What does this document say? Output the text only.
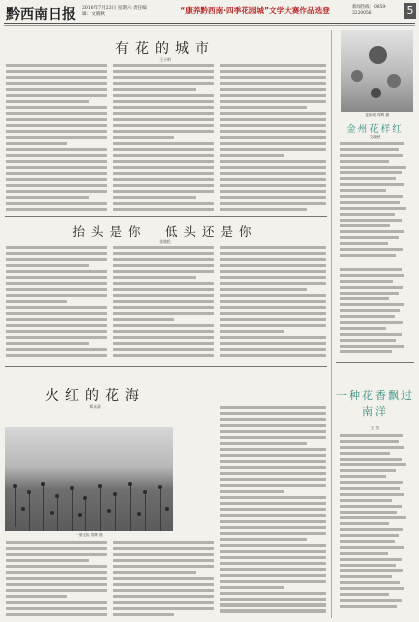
黔西南日报	2016年7月23日 星期六 责任编辑：文晓秋	“康养黔西南·四季花园城”文学大赛作品选登	新闻热线：0859-3220056	5
有花的城市
王小明
抬头是你　低头还是你
张晓松
火红的花海
郑永清
一望无际 郑辉 摄
花仙城 郑辉 摄
金州花样红
文晓秋
一种花香飘过南洋
王 芳
